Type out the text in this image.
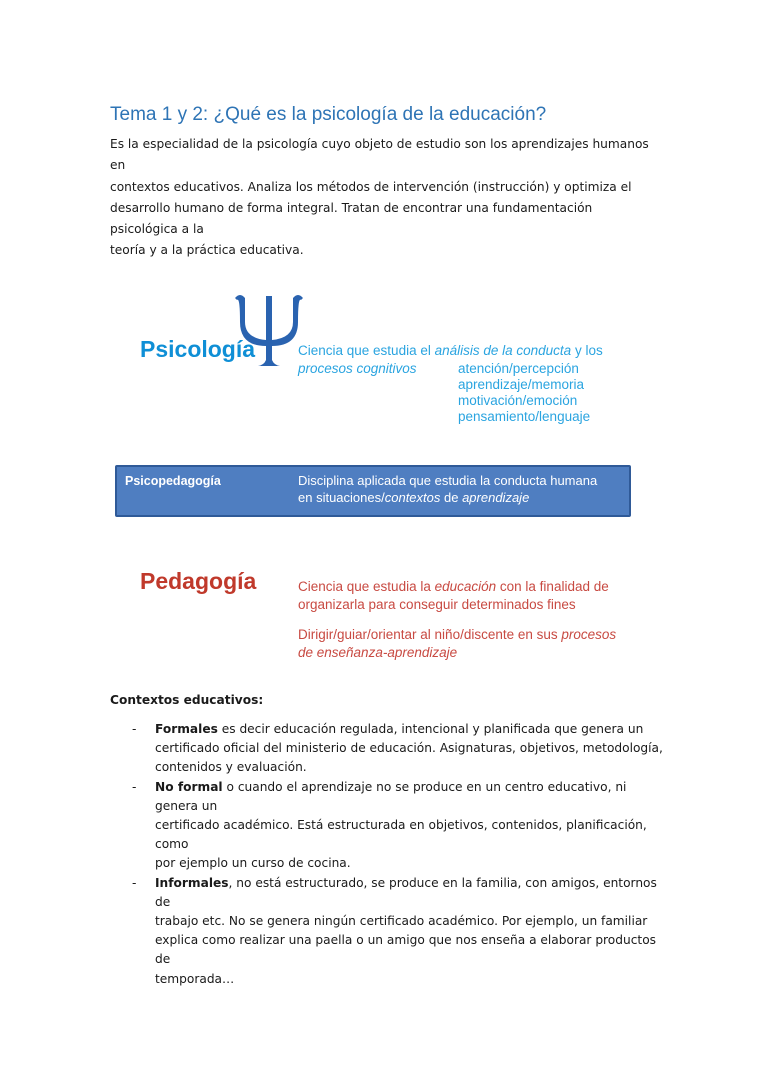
Tema 1 y 2: ¿Qué es la psicología de la educación?
Es la especialidad de la psicología cuyo objeto de estudio son los aprendizajes humanos en
contextos educativos. Analiza los métodos de intervención (instrucción) y optimiza el
desarrollo humano de forma integral. Tratan de encontrar una fundamentación psicológica a la
teoría y a la práctica educativa.
Psicología	Ciencia que estudia el análisis de la conducta y los
procesos cognitivos	atención/percepción
aprendizaje/memoria
motivación/emoción
pensamiento/lenguaje
Psicopedagogía	Disciplina aplicada que estudia la conducta humana
en situaciones/contextos de aprendizaje
Pedagogía	Ciencia que estudia la educación con la finalidad de
organizarla para conseguir determinados fines
Dirigir/guiar/orientar al niño/discente en sus procesos
de enseñanza-aprendizaje
Contextos educativos:
- Formales es decir educación regulada, intencional y planificada que genera un
certificado oficial del ministerio de educación. Asignaturas, objetivos, metodología,
contenidos y evaluación.
- No formal o cuando el aprendizaje no se produce en un centro educativo, ni genera un
certificado académico. Está estructurada en objetivos, contenidos, planificación, como
por ejemplo un curso de cocina.
- Informales, no está estructurado, se produce en la familia, con amigos, entornos de
trabajo etc. No se genera ningún certificado académico. Por ejemplo, un familiar
explica como realizar una paella o un amigo que nos enseña a elaborar productos de
temporada…
